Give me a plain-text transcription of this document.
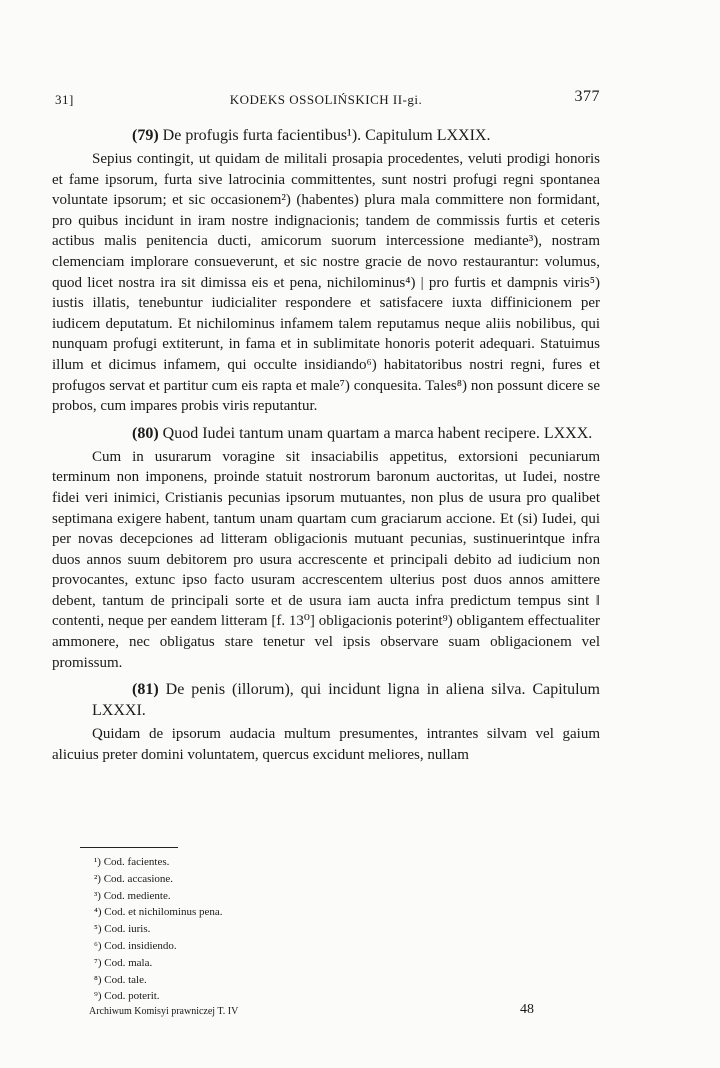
31]	KODEKS OSSOLIŃSKICH II-gi.	377

(79) De profugis furta facientibus¹). Capitulum LXXIX.

Sepius contingit, ut quidam de militali prosapia procedentes, veluti prodigi honoris et fame ipsorum, furta sive latrocinia committentes, sunt nostri profugi regni spontanea voluntate ipsorum; et sic occasionem²) (habentes) plura mala committere non formidant, pro quibus incidunt in iram nostre indignacionis; tandem de commissis furtis et ceteris actibus malis penitencia ducti, amicorum suorum intercessione mediante³), nostram clemenciam implorare consueverunt, et sic nostre gracie de novo restaurantur: volumus, quod licet nostra ira sit dimissa eis et pena, nichilominus⁴) | pro furtis et dampnis viris⁵) iustis illatis, tenebuntur iudicialiter respondere et satisfacere iuxta diffinicionem per iudicem deputatum. Et nichilominus infamem talem reputamus neque aliis nobilibus, qui nunquam profugi extiterunt, in fama et in sublimitate honoris poterit adequari. Statuimus illum et dicimus infamem, qui occulte insidiando⁶) habitatoribus nostri regni, fures et profugos servat et partitur cum eis rapta et male⁷) conquesita. Tales⁸) non possunt dicere se probos, cum impares probis viris reputantur.

(80) Quod Iudei tantum unam quartam a marca habent recipere. LXXX.

Cum in usurarum voragine sit insaciabilis appetitus, extorsioni pecuniarum terminum non imponens, proinde statuit nostrorum baronum auctoritas, ut Iudei, nostre fidei veri inimici, Cristianis pecunias ipsorum mutuantes, non plus de usura pro qualibet septimana exigere habent, tantum unam quartam cum graciarum accione. Et (si) Iudei, qui per novas decepciones ad litteram obligacionis mutuant pecunias, sustinuerintque infra duos annos suum debitorem pro usura accrescente et principali debito ad iudicium non provocantes, extunc ipso facto usuram accrescentem ulterius post duos annos amittere debent, tantum de principali sorte et de usura iam aucta infra predictum tempus sint ‖ contenti, neque per eandem litteram [f. 13⁰] obligacionis poterint⁹) obligantem effectualiter ammonere, nec obligatus stare tenetur vel ipsis observare suam obligacionem vel promissum.

(81) De penis (illorum), qui incidunt ligna in aliena silva. Capitulum LXXXI.

Quidam de ipsorum audacia multum presumentes, intrantes silvam vel gaium alicuius preter domini voluntatem, quercus excidunt meliores, nullam

¹) Cod. facientes.
²) Cod. accasione.
³) Cod. mediente.
⁴) Cod. et nichilominus pena.
⁵) Cod. iuris.
⁶) Cod. insidiendo.
⁷) Cod. mala.
⁸) Cod. tale.
⁹) Cod. poterit.
Archiwum Komisyi prawniczej T. IV	48
